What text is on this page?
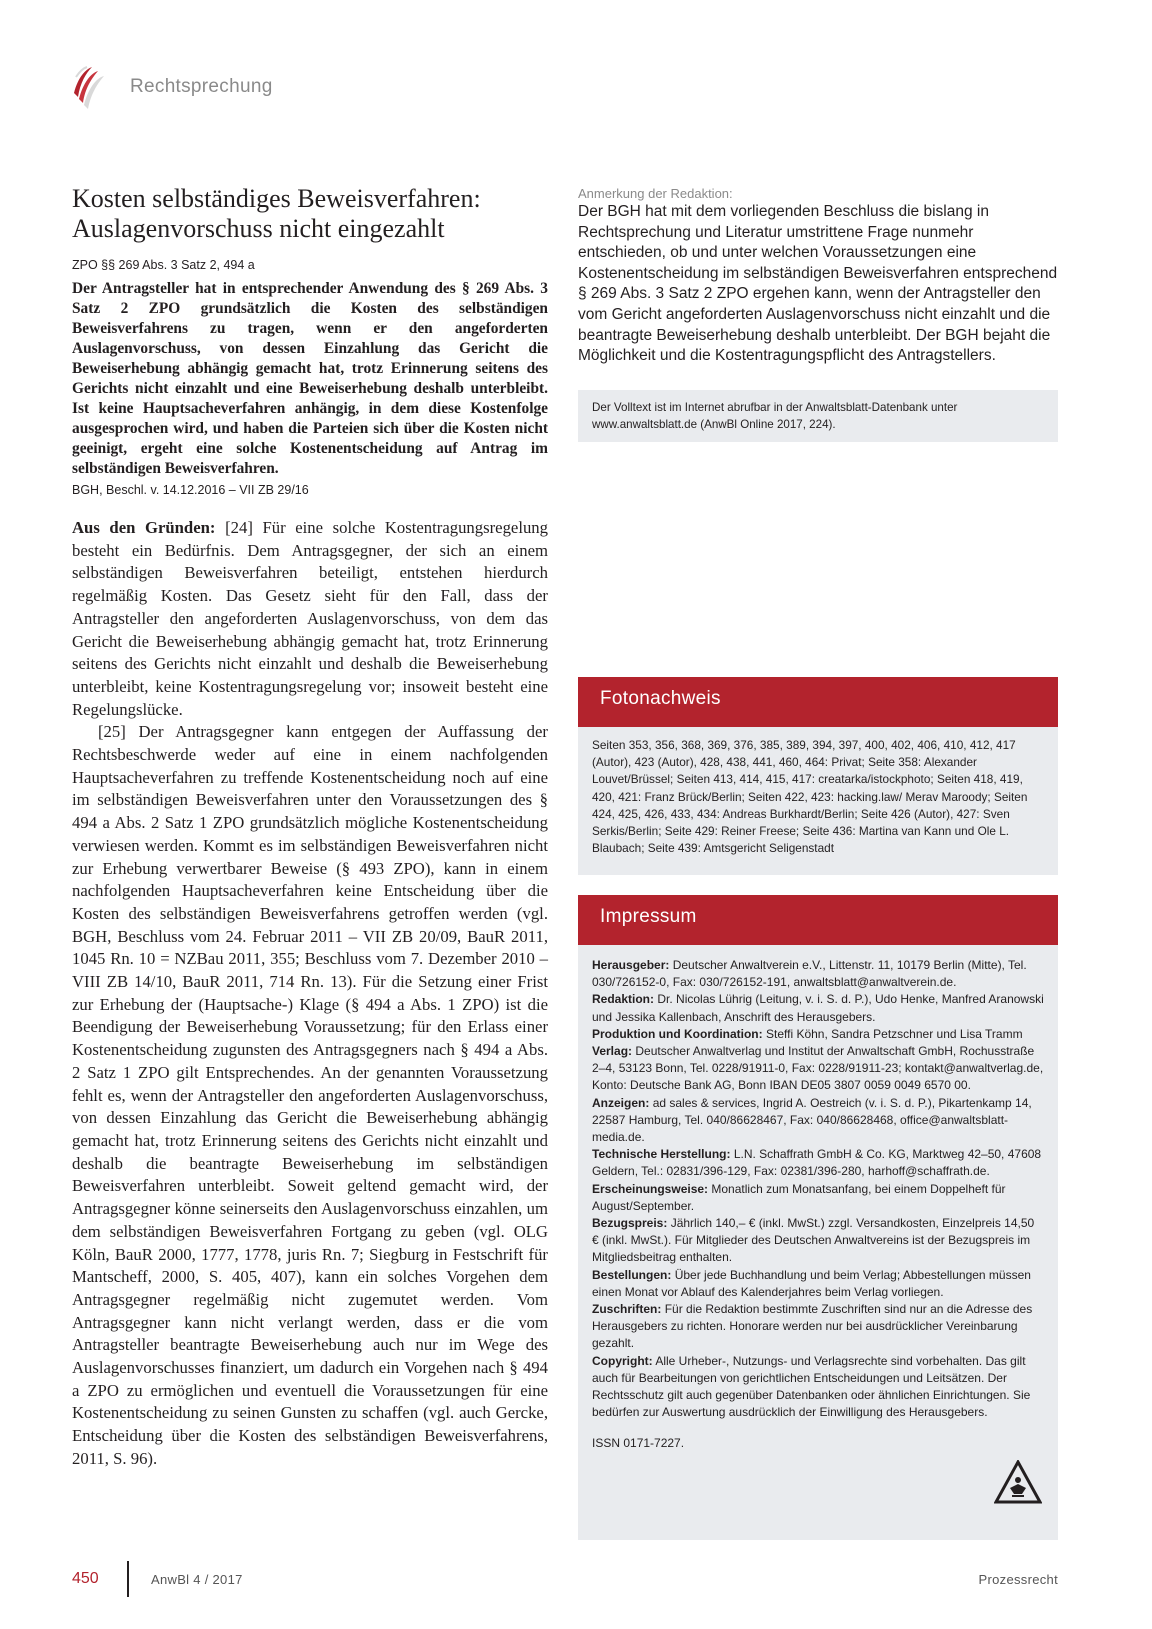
Rechtsprechung
Kosten selbständiges Beweisverfahren:
Auslagenvorschuss nicht eingezahlt

ZPO §§ 269 Abs. 3 Satz 2, 494 a

Der Antragsteller hat in entsprechender Anwendung des § 269 Abs. 3 Satz 2 ZPO grundsätzlich die Kosten des selbständigen Beweisverfahrens zu tragen, wenn er den angeforderten Auslagenvorschuss, von dessen Einzahlung das Gericht die Beweiserhebung abhängig gemacht hat, trotz Erinnerung seitens des Gerichts nicht einzahlt und eine Beweiserhebung deshalb unterbleibt. Ist keine Hauptsacheverfahren anhängig, in dem diese Kostenfolge ausgesprochen wird, und haben die Parteien sich über die Kosten nicht geeinigt, ergeht eine solche Kostenentscheidung auf Antrag im selbständigen Beweisverfahren.

BGH, Beschl. v. 14.12.2016 – VII ZB 29/16

Aus den Gründen: [24] Für eine solche Kostentragungsregelung besteht ein Bedürfnis. Dem Antragsgegner, der sich an einem selbständigen Beweisverfahren beteiligt, entstehen hierdurch regelmäßig Kosten. Das Gesetz sieht für den Fall, dass der Antragsteller den angeforderten Auslagenvorschuss, von dem das Gericht die Beweiserhebung abhängig gemacht hat, trotz Erinnerung seitens des Gerichts nicht einzahlt und deshalb die Beweiserhebung unterbleibt, keine Kostentragungsregelung vor; insoweit besteht eine Regelungslücke.

[25] Der Antragsgegner kann entgegen der Auffassung der Rechtsbeschwerde weder auf eine in einem nachfolgenden Hauptsacheverfahren zu treffende Kostenentscheidung noch auf eine im selbständigen Beweisverfahren unter den Voraussetzungen des § 494 a Abs. 2 Satz 1 ZPO grundsätzlich mögliche Kostenentscheidung verwiesen werden. Kommt es im selbständigen Beweisverfahren nicht zur Erhebung verwertbarer Beweise (§ 493 ZPO), kann in einem nachfolgenden Hauptsacheverfahren keine Entscheidung über die Kosten des selbständigen Beweisverfahrens getroffen werden (vgl. BGH, Beschluss vom 24. Februar 2011 – VII ZB 20/09, BauR 2011, 1045 Rn. 10 = NZBau 2011, 355; Beschluss vom 7. Dezember 2010 – VIII ZB 14/10, BauR 2011, 714 Rn. 13). Für die Setzung einer Frist zur Erhebung der (Hauptsache-) Klage (§ 494 a Abs. 1 ZPO) ist die Beendigung der Beweiserhebung Voraussetzung; für den Erlass einer Kostenentscheidung zugunsten des Antragsgegners nach § 494 a Abs. 2 Satz 1 ZPO gilt Entsprechendes. An der genannten Voraussetzung fehlt es, wenn der Antragsteller den angeforderten Auslagenvorschuss, von dessen Einzahlung das Gericht die Beweiserhebung abhängig gemacht hat, trotz Erinnerung seitens des Gerichts nicht einzahlt und deshalb die beantragte Beweiserhebung im selbständigen Beweisverfahren unterbleibt. Soweit geltend gemacht wird, der Antragsgegner könne seinerseits den Auslagenvorschuss einzahlen, um dem selbständigen Beweisverfahren Fortgang zu geben (vgl. OLG Köln, BauR 2000, 1777, 1778, juris Rn. 7; Siegburg in Festschrift für Mantscheff, 2000, S. 405, 407), kann ein solches Vorgehen dem Antragsgegner regelmäßig nicht zugemutet werden. Vom Antragsgegner kann nicht verlangt werden, dass er die vom Antragsteller beantragte Beweiserhebung auch nur im Wege des Auslagenvorschusses finanziert, um dadurch ein Vorgehen nach § 494 a ZPO zu ermöglichen und eventuell die Voraussetzungen für eine Kostenentscheidung zu seinen Gunsten zu schaffen (vgl. auch Gercke, Entscheidung über die Kosten des selbständigen Beweisverfahrens, 2011, S. 96).

Anmerkung der Redaktion:

Der BGH hat mit dem vorliegenden Beschluss die bislang in Rechtsprechung und Literatur umstrittene Frage nunmehr entschieden, ob und unter welchen Voraussetzungen eine Kostenentscheidung im selbständigen Beweisverfahren entsprechend § 269 Abs. 3 Satz 2 ZPO ergehen kann, wenn der Antragsteller den vom Gericht angeforderten Auslagenvorschuss nicht einzahlt und die beantragte Beweiserhebung deshalb unterbleibt. Der BGH bejaht die Möglichkeit und die Kostentragungspflicht des Antragstellers.

Der Volltext ist im Internet abrufbar in der Anwaltsblatt-Datenbank unter
www.anwaltsblatt.de (AnwBl Online 2017, 224).
Fotonachweis
Seiten 353, 356, 368, 369, 376, 385, 389, 394, 397, 400, 402, 406, 410, 412, 417 (Autor), 423 (Autor), 428, 438, 441, 460, 464: Privat; Seite 358: Alexander Louvet/Brüssel; Seiten 413, 414, 415, 417: creatarka/istockphoto; Seiten 418, 419, 420, 421: Franz Brück/Berlin; Seiten 422, 423: hacking.law/ Merav Maroody; Seiten 424, 425, 426, 433, 434: Andreas Burkhardt/Berlin; Seite 426 (Autor), 427: Sven Serkis/Berlin; Seite 429: Reiner Freese; Seite 436: Martina van Kann und Ole L. Blaubach; Seite 439: Amtsgericht Seligenstadt
Impressum

Herausgeber: Deutscher Anwaltverein e.V., Littenstr. 11, 10179 Berlin (Mitte), Tel. 030/726152-0, Fax: 030/726152-191, anwaltsblatt@anwaltverein.de.

Redaktion: Dr. Nicolas Lührig (Leitung, v. i. S. d. P.), Udo Henke, Manfred Aranowski und Jessika Kallenbach, Anschrift des Herausgebers.

Produktion und Koordination: Steffi Köhn, Sandra Petzschner und Lisa Tramm

Verlag: Deutscher Anwaltverlag und Institut der Anwaltschaft GmbH, Rochusstraße 2–4, 53123 Bonn, Tel. 0228/91911-0, Fax: 0228/91911-23; kontakt@anwaltverlag.de, Konto: Deutsche Bank AG, Bonn IBAN DE05 3807 0059 0049 6570 00.

Anzeigen: ad sales & services, Ingrid A. Oestreich (v. i. S. d. P.), Pikartenkamp 14, 22587 Hamburg, Tel. 040/86628467, Fax: 040/86628468, office@anwaltsblatt-media.de.

Technische Herstellung: L.N. Schaffrath GmbH & Co. KG, Marktweg 42–50, 47608 Geldern, Tel.: 02831/396-129, Fax: 02381/396-280, harhoff@schaffrath.de.

Erscheinungsweise: Monatlich zum Monatsanfang, bei einem Doppelheft für August/September.

Bezugspreis: Jährlich 140,– € (inkl. MwSt.) zzgl. Versandkosten, Einzelpreis 14,50 € (inkl. MwSt.). Für Mitglieder des Deutschen Anwaltvereins ist der Bezugspreis im Mitgliedsbeitrag enthalten.

Bestellungen: Über jede Buchhandlung und beim Verlag; Abbestellungen müssen einen Monat vor Ablauf des Kalenderjahres beim Verlag vorliegen.

Zuschriften: Für die Redaktion bestimmte Zuschriften sind nur an die Adresse des Herausgebers zu richten. Honorare werden nur bei ausdrücklicher Vereinbarung gezahlt.

Copyright: Alle Urheber-, Nutzungs- und Verlagsrechte sind vorbehalten. Das gilt auch für Bearbeitungen von gerichtlichen Entscheidungen und Leitsätzen. Der Rechtsschutz gilt auch gegenüber Datenbanken oder ähnlichen Einrichtungen. Sie bedürfen zur Auswertung ausdrücklich der Einwilligung des Herausgebers.

ISSN 0171-7227.

450	AnwBl 4 / 2017	Prozessrecht
